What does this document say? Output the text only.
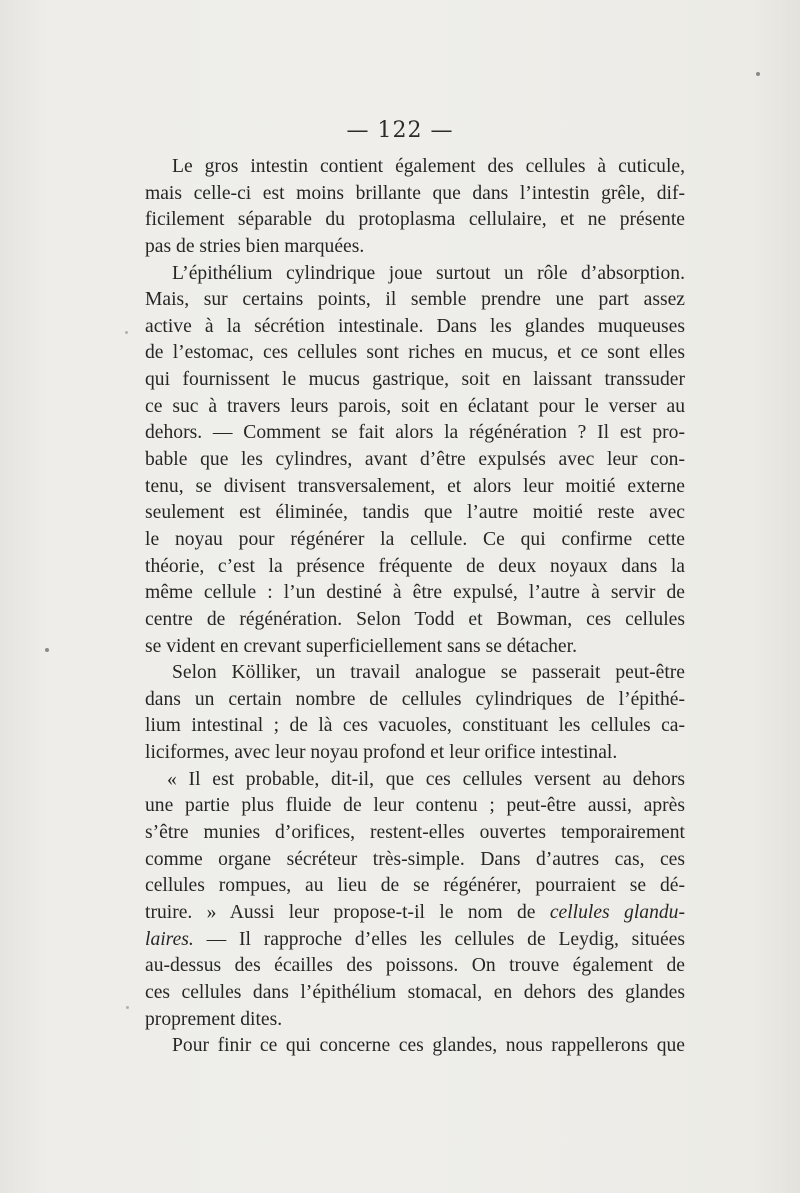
— 122 —
Le gros intestin contient également des cellules à cuticule,
mais celle-ci est moins brillante que dans l’intestin grêle, dif-
ficilement séparable du protoplasma cellulaire, et ne présente
pas de stries bien marquées.
L’épithélium cylindrique joue surtout un rôle d’absorption.
Mais, sur certains points, il semble prendre une part assez
active à la sécrétion intestinale. Dans les glandes muqueuses
de l’estomac, ces cellules sont riches en mucus, et ce sont elles
qui fournissent le mucus gastrique, soit en laissant transsuder
ce suc à travers leurs parois, soit en éclatant pour le verser au
dehors. — Comment se fait alors la régénération ? Il est pro-
bable que les cylindres, avant d’être expulsés avec leur con-
tenu, se divisent transversalement, et alors leur moitié externe
seulement est éliminée, tandis que l’autre moitié reste avec
le noyau pour régénérer la cellule. Ce qui confirme cette
théorie, c’est la présence fréquente de deux noyaux dans la
même cellule : l’un destiné à être expulsé, l’autre à servir de
centre de régénération. Selon Todd et Bowman, ces cellules
se vident en crevant superficiellement sans se détacher.
Selon Kölliker, un travail analogue se passerait peut-être
dans un certain nombre de cellules cylindriques de l’épithé-
lium intestinal ; de là ces vacuoles, constituant les cellules ca-
liciformes, avec leur noyau profond et leur orifice intestinal.
« Il est probable, dit-il, que ces cellules versent au dehors
une partie plus fluide de leur contenu ; peut-être aussi, après
s’être munies d’orifices, restent-elles ouvertes temporairement
comme organe sécréteur très-simple. Dans d’autres cas, ces
cellules rompues, au lieu de se régénérer, pourraient se dé-
truire. » Aussi leur propose-t-il le nom de cellules glandu-
laires. — Il rapproche d’elles les cellules de Leydig, situées
au-dessus des écailles des poissons. On trouve également de
ces cellules dans l’épithélium stomacal, en dehors des glandes
proprement dites.
Pour finir ce qui concerne ces glandes, nous rappellerons que
